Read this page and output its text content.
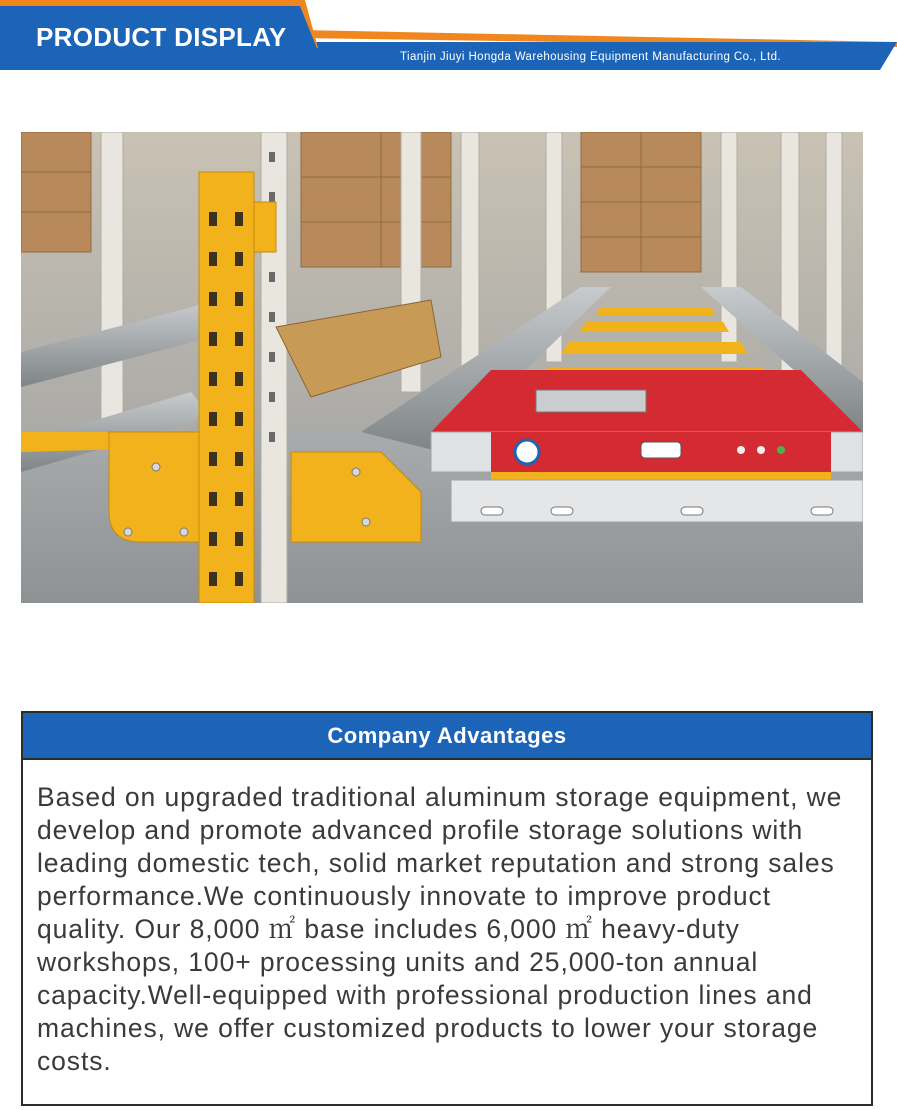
PRODUCT DISPLAY
Tianjin Jiuyi Hongda Warehousing Equipment Manufacturing Co., Ltd.
Company Advantages

Based on upgraded traditional aluminum storage equipment, we develop and promote advanced profile storage solutions with leading domestic tech, solid market reputation and strong sales performance.We continuously innovate to improve product quality. Our 8,000 ㎡ base includes 6,000 ㎡ heavy-duty workshops, 100+ processing units and 25,000-ton annual capacity.Well-equipped with professional production lines and machines, we offer customized products to lower your storage costs.
